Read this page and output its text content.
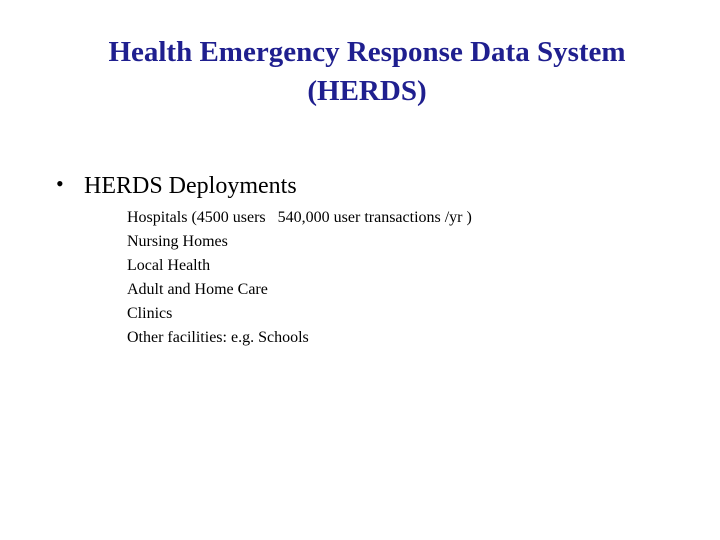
Health Emergency Response Data System
(HERDS)
• HERDS Deployments
Hospitals (4500 users   540,000 user transactions /yr )
Nursing Homes
Local Health
Adult and Home Care
Clinics
Other facilities: e.g. Schools
